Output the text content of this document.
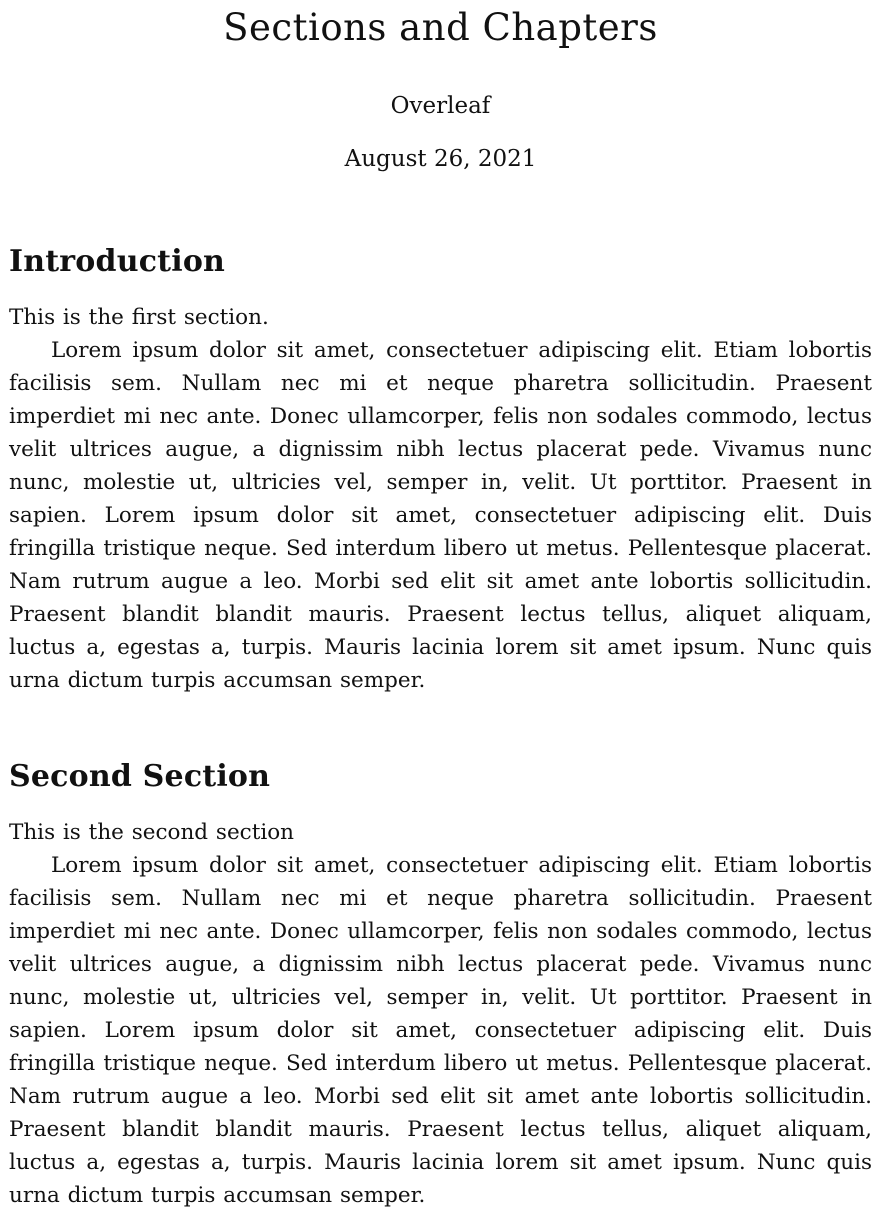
Sections and Chapters
Overleaf
August 26, 2021
Introduction

This is the first section.

Lorem ipsum dolor sit amet, consectetuer adipiscing elit. Etiam lobortis facilisis sem. Nullam nec mi et neque pharetra sollicitudin. Praesent imperdiet mi nec ante. Donec ullamcorper, felis non sodales commodo, lectus velit ultrices augue, a dignissim nibh lectus placerat pede. Vivamus nunc nunc, molestie ut, ultricies vel, semper in, velit. Ut porttitor. Praesent in sapien. Lorem ipsum dolor sit amet, consectetuer adipiscing elit. Duis fringilla tristique neque. Sed interdum libero ut metus. Pellentesque placerat. Nam rutrum augue a leo. Morbi sed elit sit amet ante lobortis sollicitudin. Praesent blandit blandit mauris. Praesent lectus tellus, aliquet aliquam, luctus a, egestas a, turpis. Mauris lacinia lorem sit amet ipsum. Nunc quis urna dictum turpis accumsan semper.

Second Section

This is the second section

Lorem ipsum dolor sit amet, consectetuer adipiscing elit. Etiam lobortis facilisis sem. Nullam nec mi et neque pharetra sollicitudin. Praesent imperdiet mi nec ante. Donec ullamcorper, felis non sodales commodo, lectus velit ultrices augue, a dignissim nibh lectus placerat pede. Vivamus nunc nunc, molestie ut, ultricies vel, semper in, velit. Ut porttitor. Praesent in sapien. Lorem ipsum dolor sit amet, consectetuer adipiscing elit. Duis fringilla tristique neque. Sed interdum libero ut metus. Pellentesque placerat. Nam rutrum augue a leo. Morbi sed elit sit amet ante lobortis sollicitudin. Praesent blandit blandit mauris. Praesent lectus tellus, aliquet aliquam, luctus a, egestas a, turpis. Mauris lacinia lorem sit amet ipsum. Nunc quis urna dictum turpis accumsan semper.
